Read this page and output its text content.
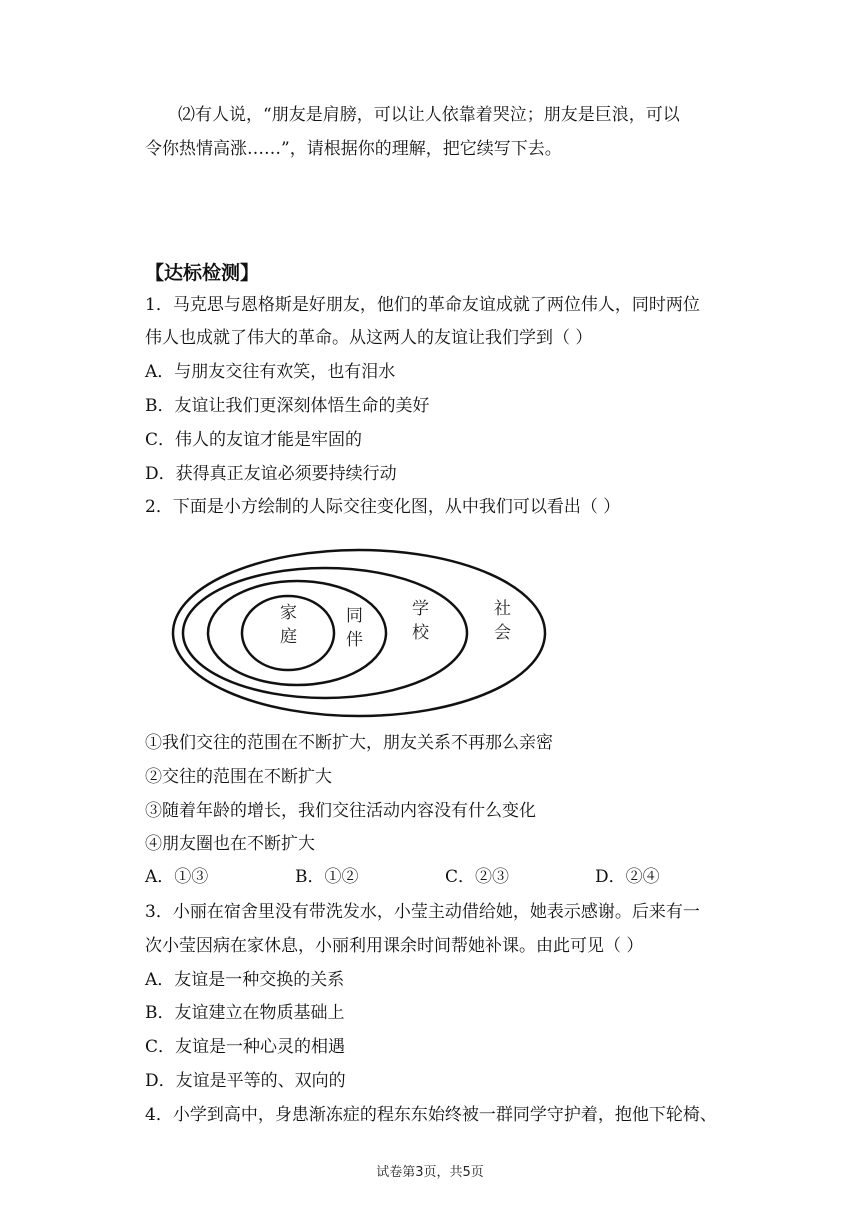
⑵有人说，“朋友是肩膀，可以让人依靠着哭泣；朋友是巨浪，可以
令你热情高涨……”，请根据你的理解，把它续写下去。
【达标检测】
1．马克思与恩格斯是好朋友，他们的革命友谊成就了两位伟人，同时两位
伟人也成就了伟大的革命。从这两人的友谊让我们学到（ ）
A．与朋友交往有欢笑，也有泪水
B．友谊让我们更深刻体悟生命的美好
C．伟人的友谊才能是牢固的
D．获得真正友谊必须要持续行动
2．下面是小方绘制的人际交往变化图，从中我们可以看出（ ）
家
庭
同
伴
学
校
社
会
①我们交往的范围在不断扩大，朋友关系不再那么亲密
②交往的范围在不断扩大
③随着年龄的增长，我们交往活动内容没有什么变化
④朋友圈也在不断扩大
A．①③	B．①②	C．②③	D．②④
3．小丽在宿舍里没有带洗发水，小莹主动借给她，她表示感谢。后来有一
次小莹因病在家休息，小丽利用课余时间帮她补课。由此可见（ ）
A．友谊是一种交换的关系
B．友谊建立在物质基础上
C．友谊是一种心灵的相遇
D．友谊是平等的、双向的
4．小学到高中，身患渐冻症的程东东始终被一群同学守护着，抱他下轮椅、
试卷第3页，共5页
